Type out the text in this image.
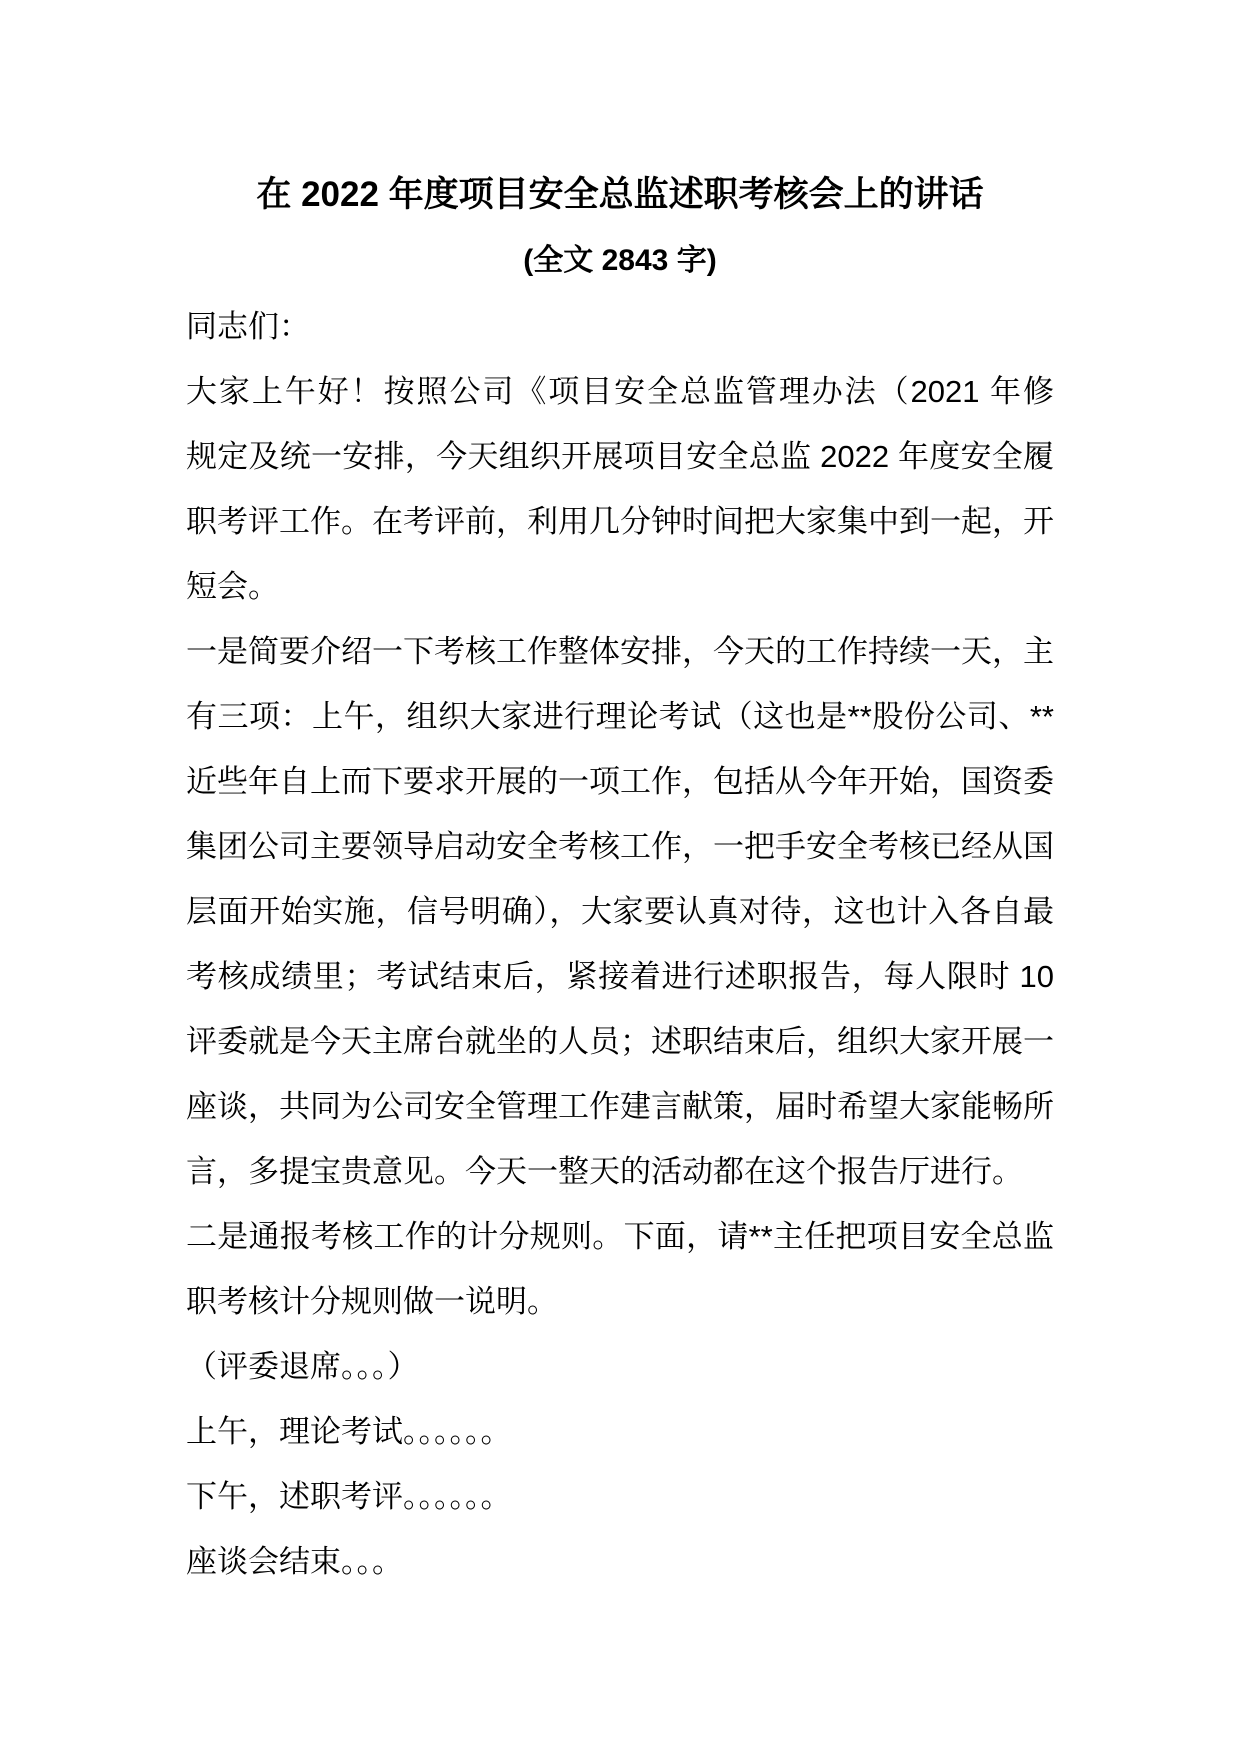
在 2022 年度项目安全总监述职考核会上的讲话
(全文 2843 字)
同志们：
大家上午好！按照公司《项目安全总监管理办法（2021 年修
规定及统一安排，今天组织开展项目安全总监 2022 年度安全履
职考评工作。在考评前，利用几分钟时间把大家集中到一起，开
短会。
一是简要介绍一下考核工作整体安排，今天的工作持续一天，主
有三项：上午，组织大家进行理论考试（这也是**股份公司、**
近些年自上而下要求开展的一项工作，包括从今年开始，国资委
集团公司主要领导启动安全考核工作，一把手安全考核已经从国
层面开始实施，信号明确），大家要认真对待，这也计入各自最
考核成绩里；考试结束后，紧接着进行述职报告，每人限时 10
评委就是今天主席台就坐的人员；述职结束后，组织大家开展一
座谈，共同为公司安全管理工作建言献策，届时希望大家能畅所
言，多提宝贵意见。今天一整天的活动都在这个报告厅进行。
二是通报考核工作的计分规则。下面，请**主任把项目安全总监
职考核计分规则做一说明。
（评委退席。。。）
上午，理论考试。。。。。。
下午，述职考评。。。。。。
座谈会结束。。。
